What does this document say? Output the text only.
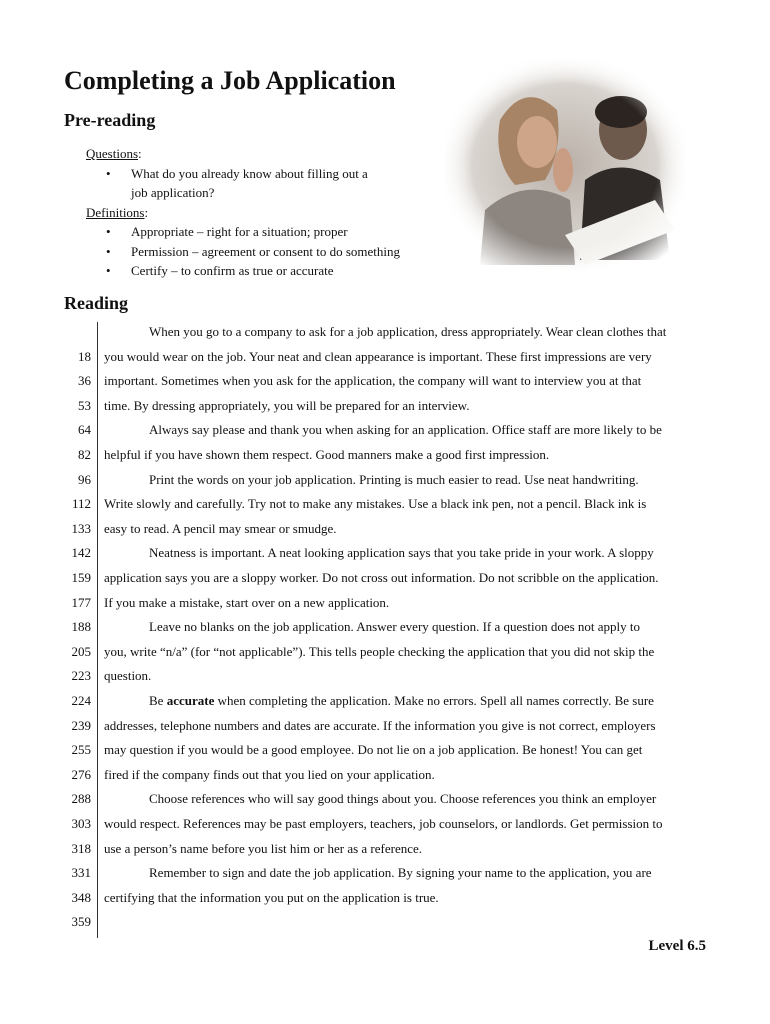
Completing a Job Application
Pre-reading
Questions:
• What do you already know about filling out a
job application?
Definitions:
• Appropriate – right for a situation; proper
• Permission – agreement or consent to do something
• Certify – to confirm as true or accurate
Reading
When you go to a company to ask for a job application, dress appropriately. Wear clean clothes that
18 you would wear on the job. Your neat and clean appearance is important. These first impressions are very
36 important. Sometimes when you ask for the application, the company will want to interview you at that
53 time. By dressing appropriately, you will be prepared for an interview.
64	Always say please and thank you when asking for an application. Office staff are more likely to be
82 helpful if you have shown them respect. Good manners make a good first impression.
96	Print the words on your job application. Printing is much easier to read. Use neat handwriting.
112 Write slowly and carefully. Try not to make any mistakes. Use a black ink pen, not a pencil. Black ink is
133 easy to read. A pencil may smear or smudge.
142	Neatness is important. A neat looking application says that you take pride in your work. A sloppy
159 application says you are a sloppy worker. Do not cross out information. Do not scribble on the application.
177 If you make a mistake, start over on a new application.
188	Leave no blanks on the job application. Answer every question. If a question does not apply to
205 you, write “n/a” (for “not applicable”). This tells people checking the application that you did not skip the
223 question.
224	Be accurate when completing the application. Make no errors. Spell all names correctly. Be sure
239 addresses, telephone numbers and dates are accurate. If the information you give is not correct, employers
255 may question if you would be a good employee. Do not lie on a job application. Be honest! You can get
276 fired if the company finds out that you lied on your application.
288	Choose references who will say good things about you. Choose references you think an employer
303 would respect. References may be past employers, teachers, job counselors, or landlords. Get permission to
318 use a person’s name before you list him or her as a reference.
331	Remember to sign and date the job application. By signing your name to the application, you are
348 certifying that the information you put on the application is true.
359
Level 6.5
